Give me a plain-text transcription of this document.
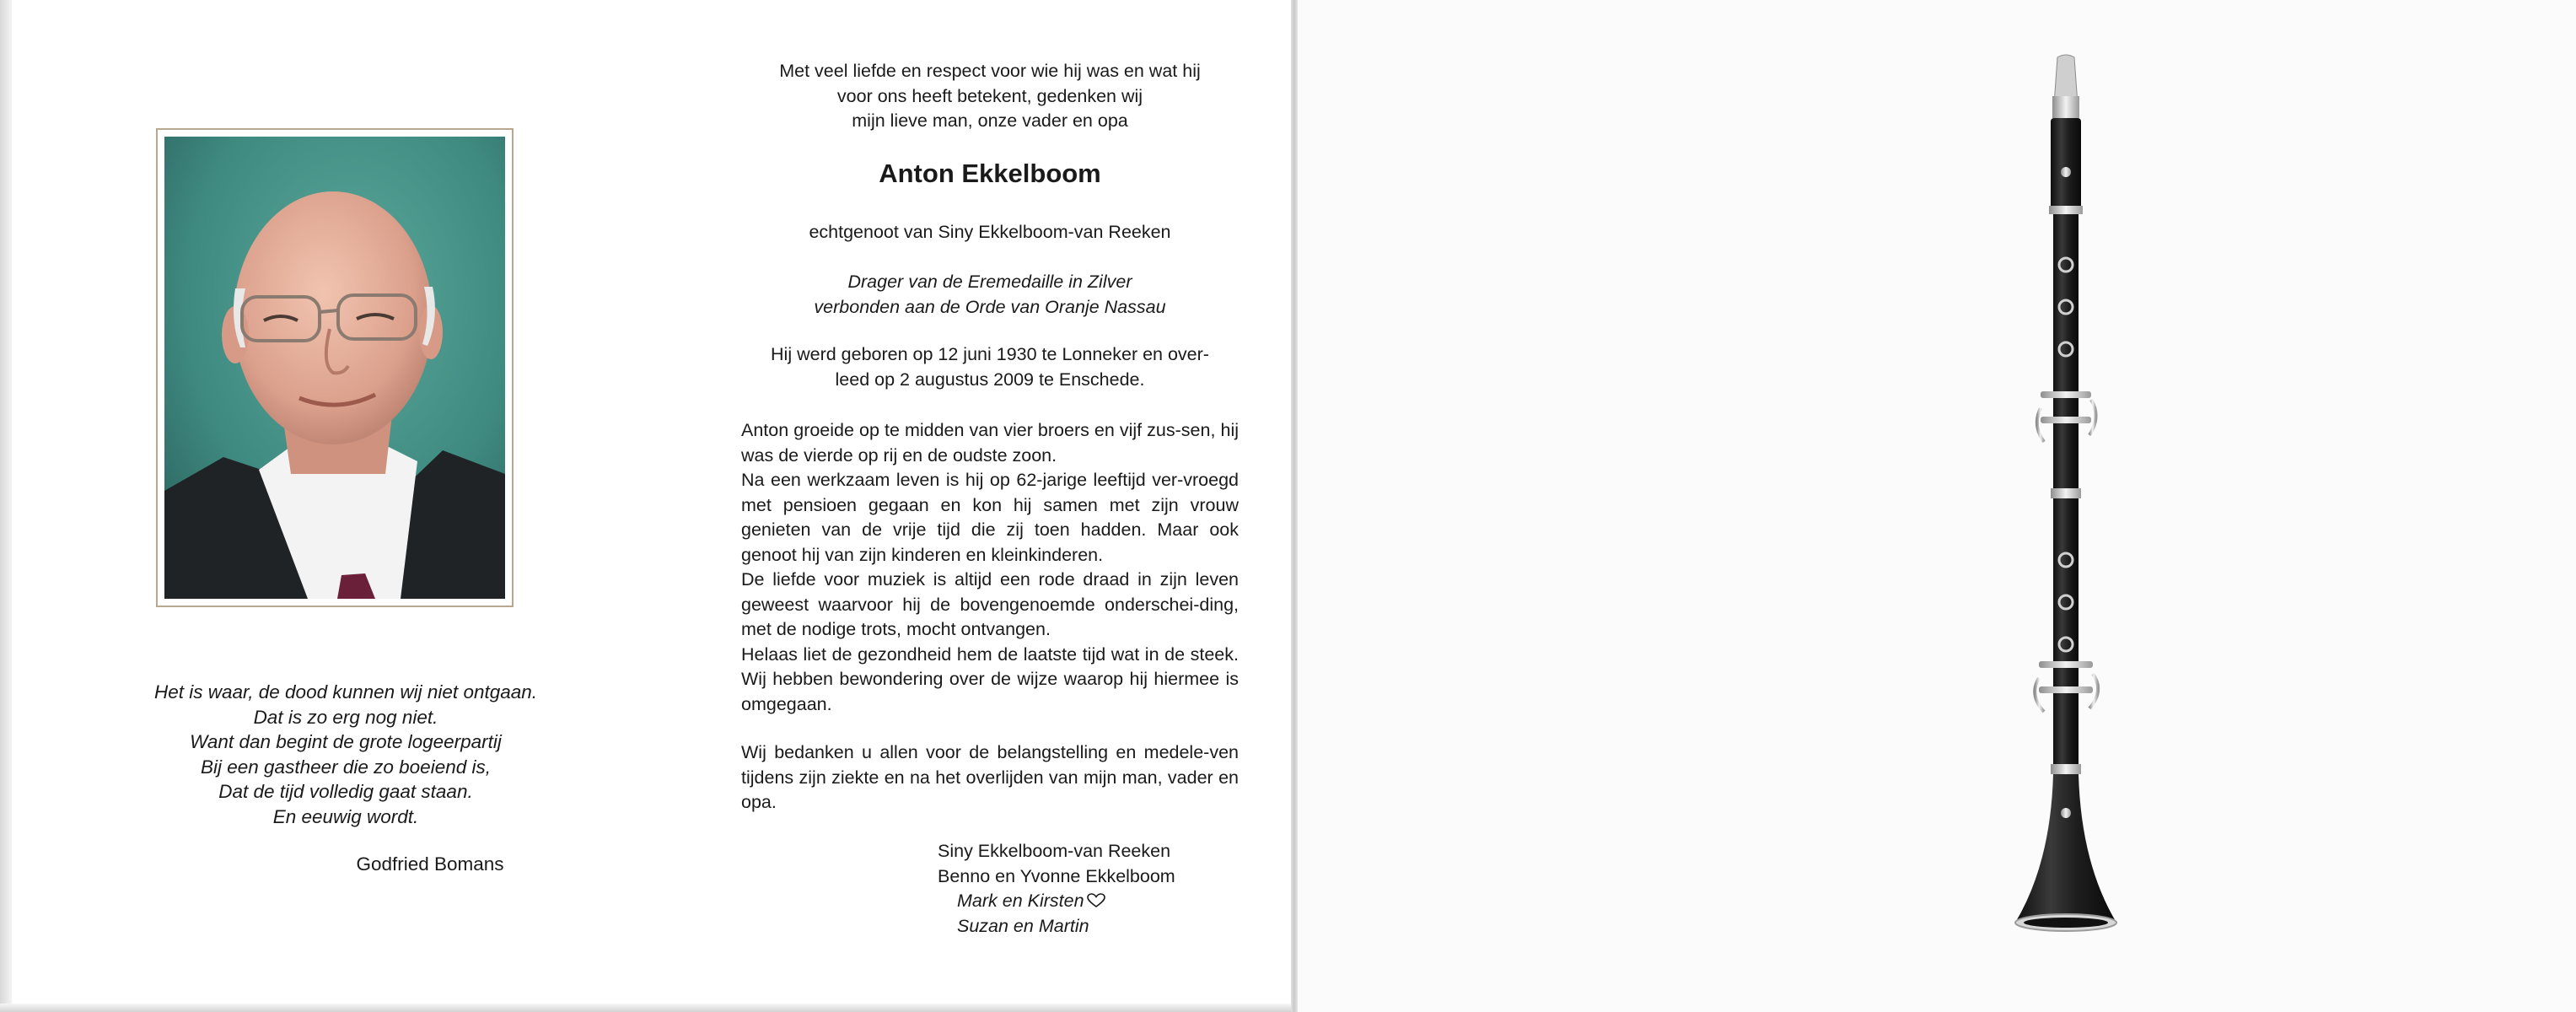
Het is waar, de dood kunnen wij niet ontgaan.
Dat is zo erg nog niet.
Want dan begint de grote logeerpartij
Bij een gastheer die zo boeiend is,
Dat de tijd volledig gaat staan.
En eeuwig wordt.
Godfried Bomans
Met veel liefde en respect voor wie hij was en wat hij
voor ons heeft betekent, gedenken wij
mijn lieve man, onze vader en opa
Anton Ekkelboom
echtgenoot van Siny Ekkelboom-van Reeken
Drager van de Eremedaille in Zilver
verbonden aan de Orde van Oranje Nassau
Hij werd geboren op 12 juni 1930 te Lonneker en over-
leed op 2 augustus 2009 te Enschede.

Anton groeide op te midden van vier broers en vijf zus-sen, hij was de vierde op rij en de oudste zoon.

Na een werkzaam leven is hij op 62-jarige leeftijd ver-vroegd met pensioen gegaan en kon hij samen met zijn vrouw genieten van de vrije tijd die zij toen hadden. Maar ook genoot hij van zijn kinderen en kleinkinderen.

De liefde voor muziek is altijd een rode draad in zijn leven geweest waarvoor hij de bovengenoemde onderschei-ding, met de nodige trots, mocht ontvangen.

Helaas liet de gezondheid hem de laatste tijd wat in de steek. Wij hebben bewondering over de wijze waarop hij hiermee is omgegaan.

Wij bedanken u allen voor de belangstelling en medele-ven tijdens zijn ziekte en na het overlijden van mijn man, vader en opa.

Siny Ekkelboom-van Reeken
Benno en Yvonne Ekkelboom
Mark en Kirsten
Suzan en Martin
